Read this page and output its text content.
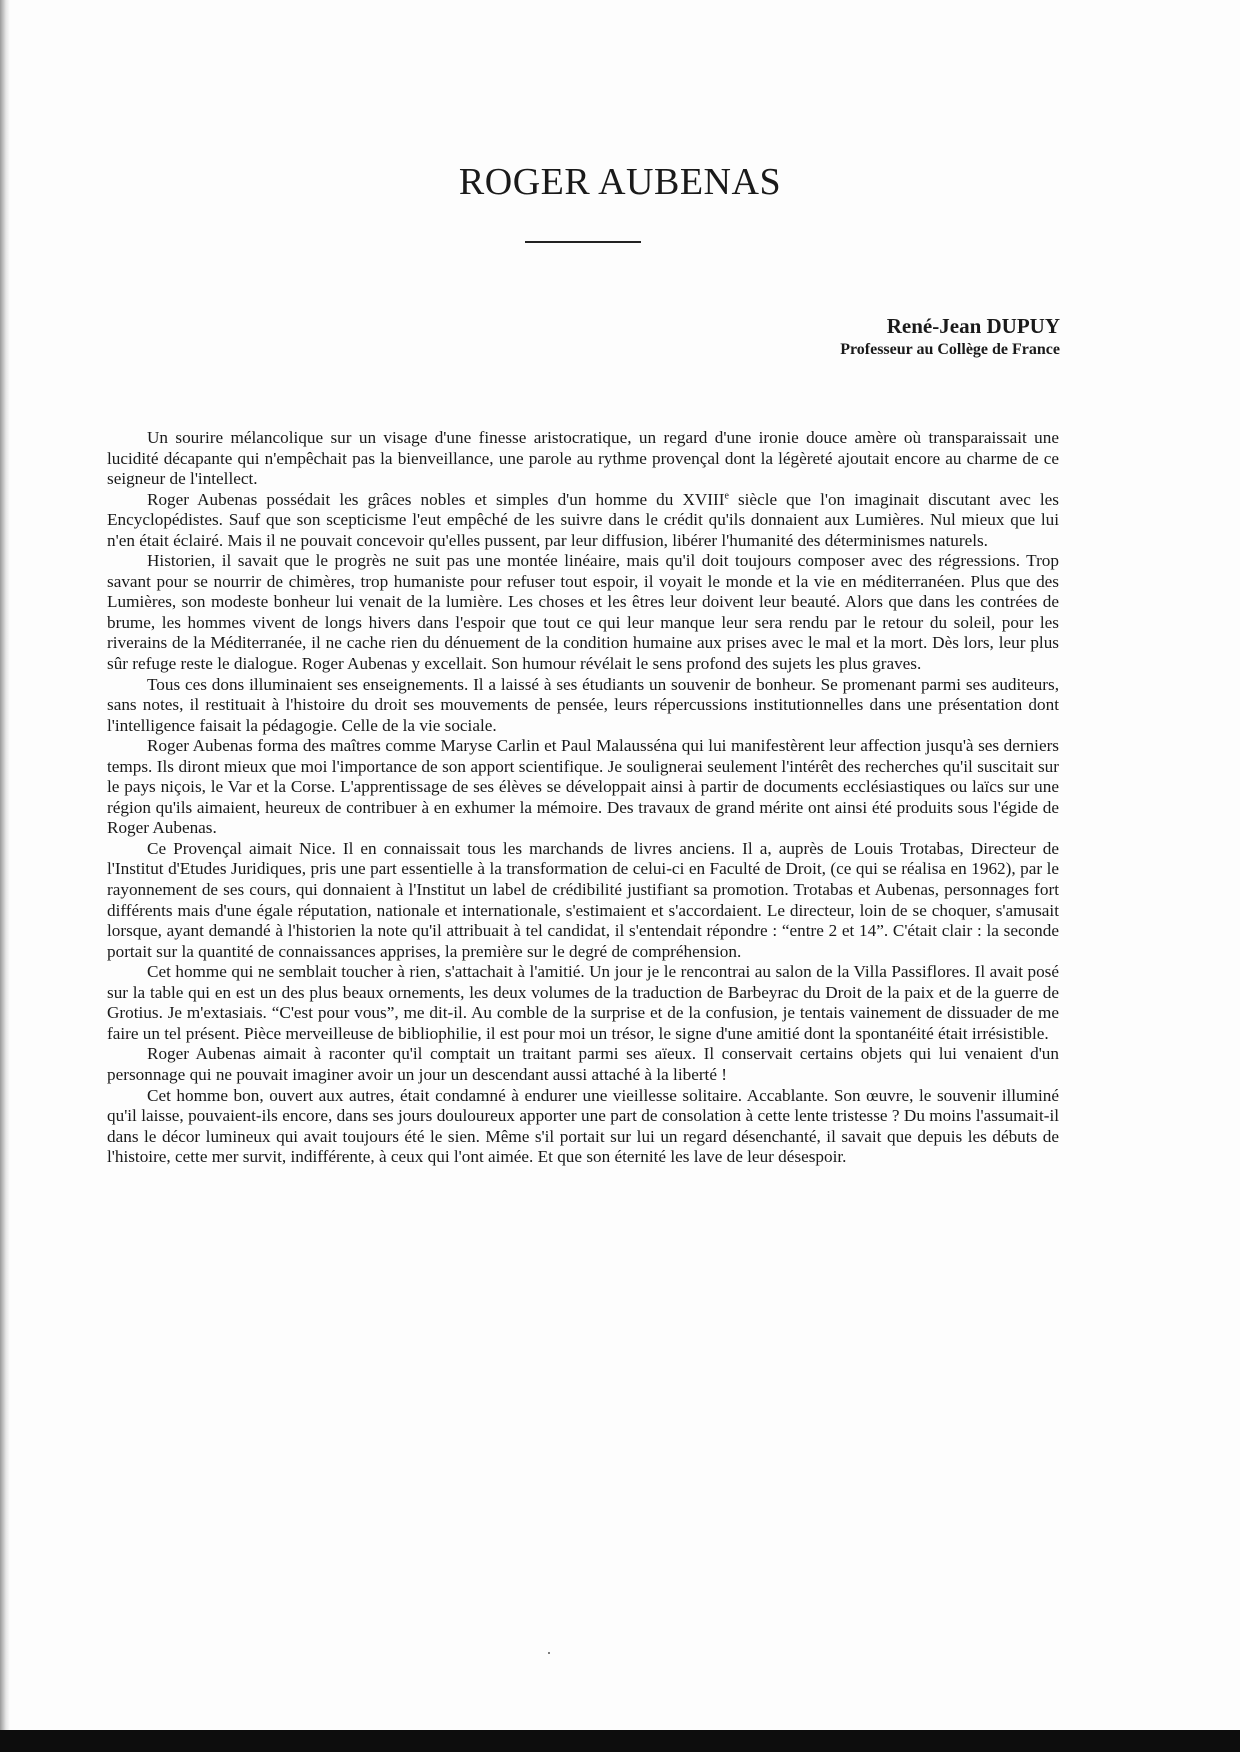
ROGER AUBENAS
René-Jean DUPUY
Professeur au Collège de France

Un sourire mélancolique sur un visage d'une finesse aristocratique, un regard d'une ironie douce amère où transparaissait une lucidité décapante qui n'empêchait pas la bienveillance, une parole au rythme provençal dont la légèreté ajoutait encore au charme de ce seigneur de l'intellect.

Roger Aubenas possédait les grâces nobles et simples d'un homme du XVIIIe siècle que l'on imaginait discutant avec les Encyclopédistes. Sauf que son scepticisme l'eut empêché de les suivre dans le crédit qu'ils donnaient aux Lumières. Nul mieux que lui n'en était éclairé. Mais il ne pouvait concevoir qu'elles pussent, par leur diffusion, libérer l'humanité des déterminismes naturels.

Historien, il savait que le progrès ne suit pas une montée linéaire, mais qu'il doit toujours composer avec des régressions. Trop savant pour se nourrir de chimères, trop humaniste pour refuser tout espoir, il voyait le monde et la vie en méditerranéen. Plus que des Lumières, son modeste bonheur lui venait de la lumière. Les choses et les êtres leur doivent leur beauté. Alors que dans les contrées de brume, les hommes vivent de longs hivers dans l'espoir que tout ce qui leur manque leur sera rendu par le retour du soleil, pour les riverains de la Méditerranée, il ne cache rien du dénuement de la condition humaine aux prises avec le mal et la mort. Dès lors, leur plus sûr refuge reste le dialogue. Roger Aubenas y excellait. Son humour révélait le sens profond des sujets les plus graves.

Tous ces dons illuminaient ses enseignements. Il a laissé à ses étudiants un souvenir de bonheur. Se promenant parmi ses auditeurs, sans notes, il restituait à l'histoire du droit ses mouvements de pensée, leurs répercussions institutionnelles dans une présentation dont l'intelligence faisait la pédagogie. Celle de la vie sociale.

Roger Aubenas forma des maîtres comme Maryse Carlin et Paul Malausséna qui lui manifestèrent leur affection jusqu'à ses derniers temps. Ils diront mieux que moi l'importance de son apport scientifique. Je soulignerai seulement l'intérêt des recherches qu'il suscitait sur le pays niçois, le Var et la Corse. L'apprentissage de ses élèves se développait ainsi à partir de documents ecclésiastiques ou laïcs sur une région qu'ils aimaient, heureux de contribuer à en exhumer la mémoire. Des travaux de grand mérite ont ainsi été produits sous l'égide de Roger Aubenas.

Ce Provençal aimait Nice. Il en connaissait tous les marchands de livres anciens. Il a, auprès de Louis Trotabas, Directeur de l'Institut d'Etudes Juridiques, pris une part essentielle à la transformation de celui-ci en Faculté de Droit, (ce qui se réalisa en 1962), par le rayonnement de ses cours, qui donnaient à l'Institut un label de crédibilité justifiant sa promotion. Trotabas et Aubenas, personnages fort différents mais d'une égale réputation, nationale et internationale, s'estimaient et s'accordaient. Le directeur, loin de se choquer, s'amusait lorsque, ayant demandé à l'historien la note qu'il attribuait à tel candidat, il s'entendait répondre : “entre 2 et 14”. C'était clair : la seconde portait sur la quantité de connaissances apprises, la première sur le degré de compréhension.

Cet homme qui ne semblait toucher à rien, s'attachait à l'amitié. Un jour je le rencontrai au salon de la Villa Passiflores. Il avait posé sur la table qui en est un des plus beaux ornements, les deux volumes de la traduction de Barbeyrac du Droit de la paix et de la guerre de Grotius. Je m'extasiais. “C'est pour vous”, me dit-il. Au comble de la surprise et de la confusion, je tentais vainement de dissuader de me faire un tel présent. Pièce merveilleuse de bibliophilie, il est pour moi un trésor, le signe d'une amitié dont la spontanéité était irrésistible.

Roger Aubenas aimait à raconter qu'il comptait un traitant parmi ses aïeux. Il conservait certains objets qui lui venaient d'un personnage qui ne pouvait imaginer avoir un jour un descendant aussi attaché à la liberté !

Cet homme bon, ouvert aux autres, était condamné à endurer une vieillesse solitaire. Accablante. Son œuvre, le souvenir illuminé qu'il laisse, pouvaient-ils encore, dans ses jours douloureux apporter une part de consolation à cette lente tristesse ? Du moins l'assumait-il dans le décor lumineux qui avait toujours été le sien. Même s'il portait sur lui un regard désenchanté, il savait que depuis les débuts de l'histoire, cette mer survit, indifférente, à ceux qui l'ont aimée. Et que son éternité les lave de leur désespoir.
